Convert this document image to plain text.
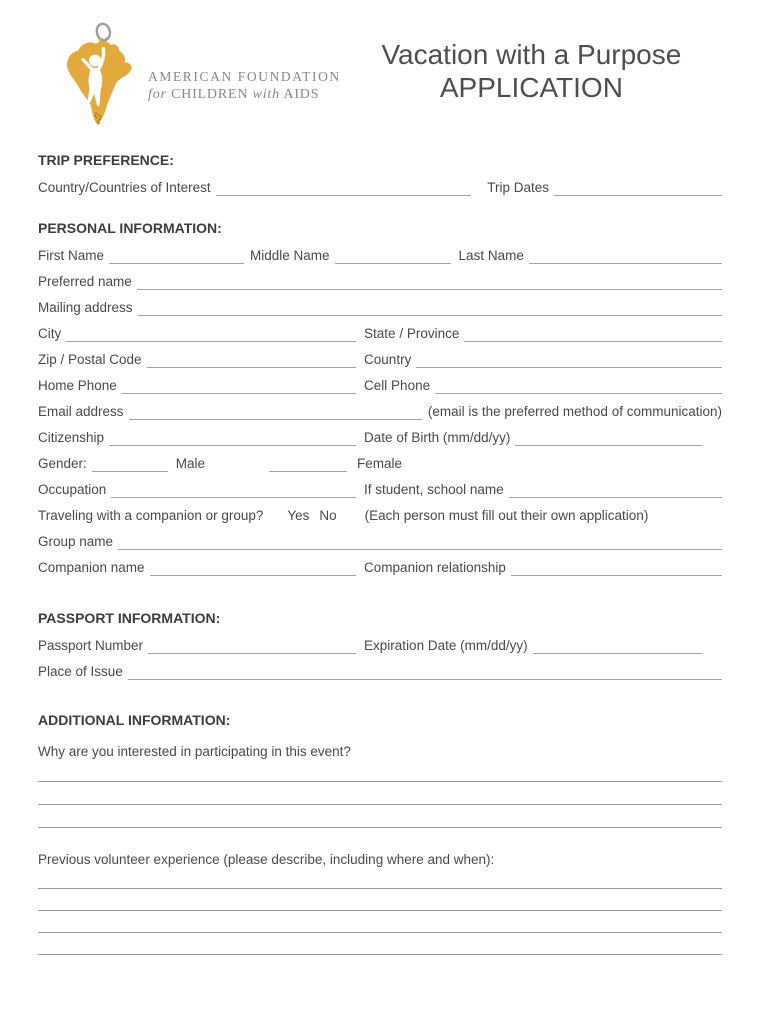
AMERICAN FOUNDATION
for CHILDREN with AIDS
Vacation with a Purpose
APPLICATION
TRIP PREFERENCE:
Country/Countries of Interest	Trip Dates
PERSONAL INFORMATION:
First Name	Middle Name	Last Name
Preferred name
Mailing address
City	State / Province
Zip / Postal Code	Country
Home Phone	Cell Phone
Email address	(email is the preferred method of communication)
Citizenship	Date of Birth (mm/dd/yy)
Gender:	Male	Female
Occupation	If student, school name
Traveling with a companion or group? Yes No (Each person must fill out their own application)
Group name
Companion name	Companion relationship
PASSPORT INFORMATION:
Passport Number	Expiration Date (mm/dd/yy)
Place of Issue
ADDITIONAL INFORMATION:
Why are you interested in participating in this event?
Previous volunteer experience (please describe, including where and when):
